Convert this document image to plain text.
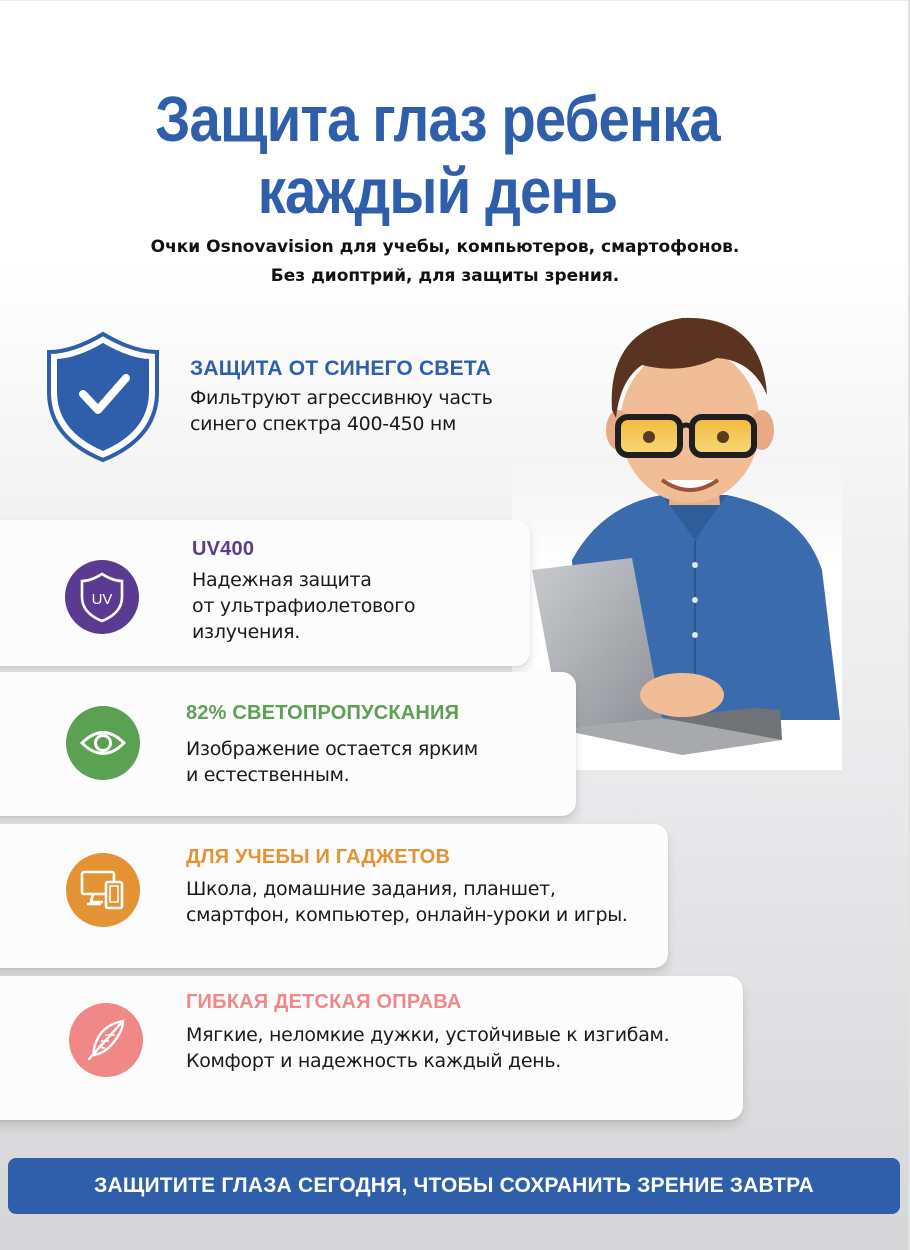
Защита глаз ребенка
каждый день
Очки Osnovavision для учебы, компьютеров, смартофонов.
Без диоптрий, для защиты зрения.
ЗАЩИТА ОТ СИНЕГО СВЕТА
Фильтруют агрессивнюу часть
синего спектра 400-450 нм
UV
UV400
Надежная защита
от ультрафиолетового
излучения.
82% СВЕТОПРОПУСКАНИЯ
Изображение остается ярким
и естественным.
ДЛЯ УЧЕБЫ И ГАДЖЕТОВ
Школа, домашние задания, планшет,
смартфон, компьютер, онлайн-уроки и игры.
ГИБКАЯ ДЕТСКАЯ ОПРАВА
Мягкие, неломкие дужки, устойчивые к изгибам.
Комфорт и надежность каждый день.
ЗАЩИТИТЕ ГЛАЗА СЕГОДНЯ, ЧТОБЫ СОХРАНИТЬ ЗРЕНИЕ ЗАВТРА
